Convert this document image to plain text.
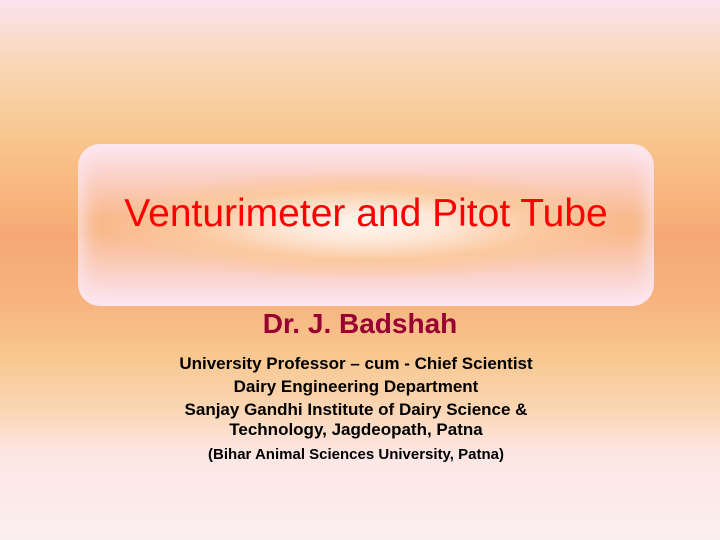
Venturimeter and Pitot Tube
Dr. J. Badshah
University Professor – cum - Chief Scientist
Dairy Engineering Department
Sanjay Gandhi Institute of Dairy Science &
Technology, Jagdeopath, Patna
(Bihar Animal Sciences University, Patna)
